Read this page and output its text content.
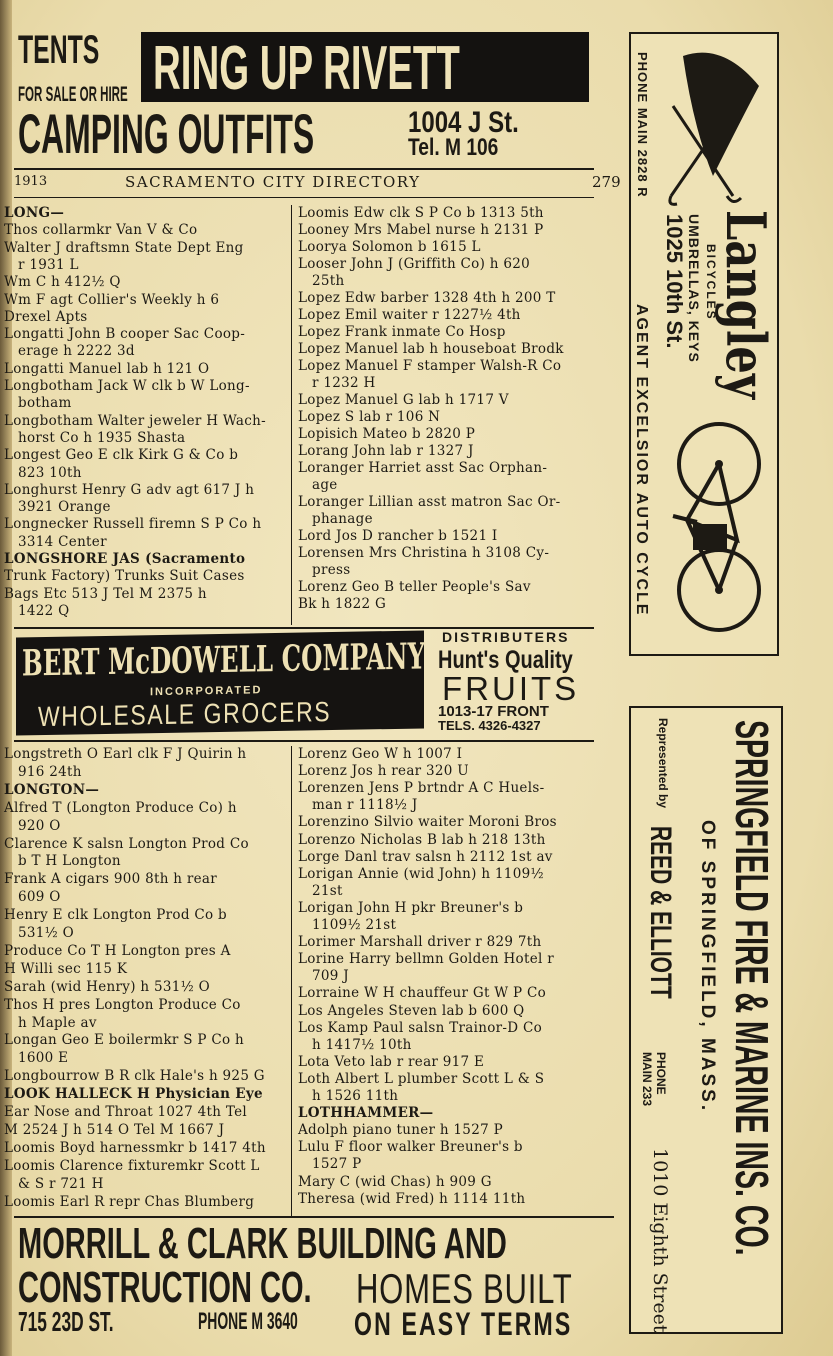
TENTS
FOR SALE OR HIRE RING UP RIVETT
CAMPING OUTFITS	1004 J St.
Tel. M 106
1913	SACRAMENTO CITY DIRECTORY	279
LONG—
Thos collarmkr Van V & Co
Walter J draftsmn State Dept Eng
r 1931 L
Wm C h 412½ Q
Wm F agt Collier's Weekly h 6
Drexel Apts
Longatti John B cooper Sac Coop-
erage h 2222 3d
Longatti Manuel lab h 121 O
Longbotham Jack W clk b W Long-
botham
Longbotham Walter jeweler H Wach-
horst Co h 1935 Shasta
Longest Geo E clk Kirk G & Co b
823 10th
Longhurst Henry G adv agt 617 J h
3921 Orange
Longnecker Russell firemn S P Co h
3314 Center
LONGSHORE JAS (Sacramento
Trunk Factory) Trunks Suit Cases
Bags Etc 513 J Tel M 2375 h
1422 Q
Loomis Edw clk S P Co b 1313 5th
Looney Mrs Mabel nurse h 2131 P
Loorya Solomon b 1615 L
Looser John J (Griffith Co) h 620
25th
Lopez Edw barber 1328 4th h 200 T
Lopez Emil waiter r 1227½ 4th
Lopez Frank inmate Co Hosp
Lopez Manuel lab h houseboat Brodk
Lopez Manuel F stamper Walsh-R Co
r 1232 H
Lopez Manuel G lab h 1717 V
Lopez S lab r 106 N
Lopisich Mateo b 2820 P
Lorang John lab r 1327 J
Loranger Harriet asst Sac Orphan-
age
Loranger Lillian asst matron Sac Or-
phanage
Lord Jos D rancher b 1521 I
Lorensen Mrs Christina h 3108 Cy-
press
Lorenz Geo B teller People's Sav
Bk h 1822 G
BERT McDOWELL COMPANY
INCORPORATED
WHOLESALE GROCERS
DISTRIBUTERS
Hunt's Quality
FRUITS
1013-17 FRONT
TELS. 4326-4327
Longstreth O Earl clk F J Quirin h
916 24th
LONGTON—
Alfred T (Longton Produce Co) h
920 O
Clarence K salsn Longton Prod Co
b T H Longton
Frank A cigars 900 8th h rear
609 O
Henry E clk Longton Prod Co b
531½ O
Produce Co T H Longton pres A
H Willi sec 115 K
Sarah (wid Henry) h 531½ O
Thos H pres Longton Produce Co
h Maple av
Longan Geo E boilermkr S P Co h
1600 E
Longbourrow B R clk Hale's h 925 G
LOOK HALLECK H Physician Eye
Ear Nose and Throat 1027 4th Tel
M 2524 J h 514 O Tel M 1667 J
Loomis Boyd harnessmkr b 1417 4th
Loomis Clarence fixturemkr Scott L
& S r 721 H
Loomis Earl R repr Chas Blumberg
Lorenz Geo W h 1007 I
Lorenz Jos h rear 320 U
Lorenzen Jens P brtndr A C Huels-
man r 1118½ J
Lorenzino Silvio waiter Moroni Bros
Lorenzo Nicholas B lab h 218 13th
Lorge Danl trav salsn h 2112 1st av
Lorigan Annie (wid John) h 1109½
21st
Lorigan John H pkr Breuner's b
1109½ 21st
Lorimer Marshall driver r 829 7th
Lorine Harry bellmn Golden Hotel r
709 J
Lorraine W H chauffeur Gt W P Co
Los Angeles Steven lab b 600 Q
Los Kamp Paul salsn Trainor-D Co
h 1417½ 10th
Lota Veto lab r rear 917 E
Loth Albert L plumber Scott L & S
h 1526 11th
LOTHHAMMER—
Adolph piano tuner h 1527 P
Lulu F floor walker Breuner's b
1527 P
Mary C (wid Chas) h 909 G
Theresa (wid Fred) h 1114 11th
MORRILL & CLARK BUILDING AND
CONSTRUCTION CO. HOMES BUILT
715 23D ST.	PHONE M 3640 ON EASY TERMS
PHONE MAIN 2828 R
Langley
BICYCLES
UMBRELLAS, KEYS
1025 10th St.
AGENT EXCELSIOR AUTO CYCLE
SPRINGFIELD FIRE & MARINE INS. CO.
OF SPRINGFIELD, MASS.
Represented by
REED & ELLIOTT
PHONE
MAIN 233
1010 Eighth Street
